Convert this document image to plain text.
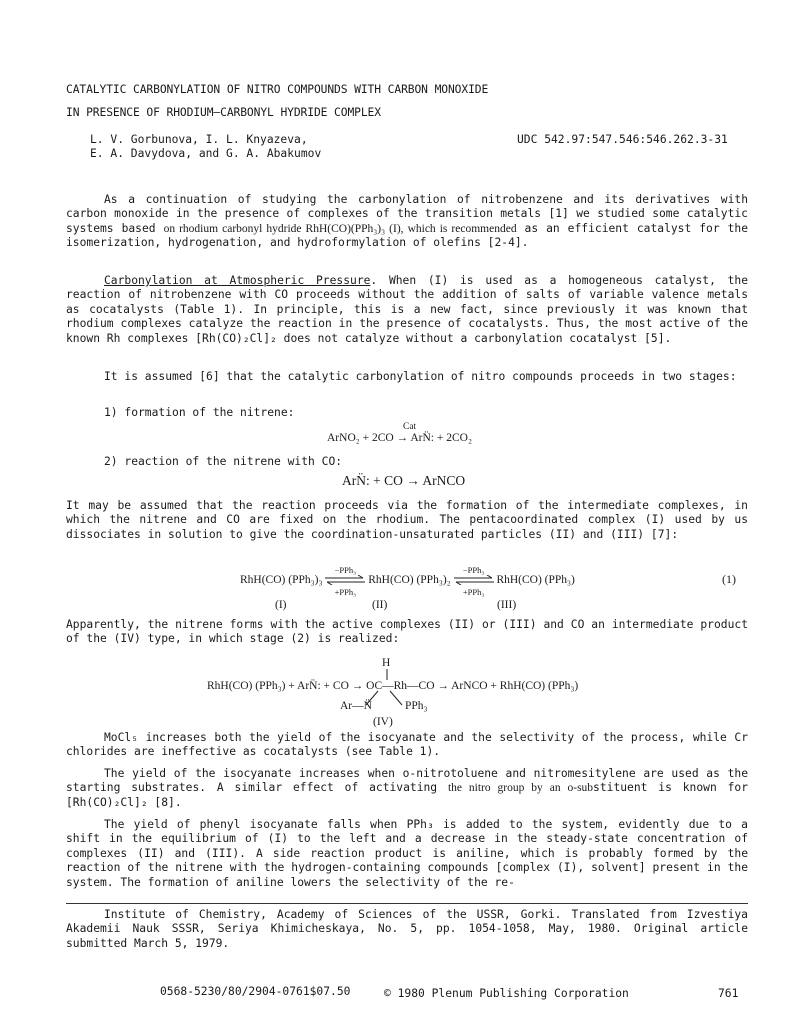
CATALYTIC CARBONYLATION OF NITRO COMPOUNDS WITH CARBON MONOXIDE
IN PRESENCE OF RHODIUM—CARBONYL HYDRIDE COMPLEX
L. V. Gorbunova, I. L. Knyazeva,
E. A. Davydova, and G. A. Abakumov
UDC 542.97:547.546:546.262.3-31
As a continuation of studying the carbonylation of nitrobenzene and its derivatives with carbon monoxide in the presence of complexes of the transition metals [1] we studied some catalytic systems based on rhodium carbonyl hydride RhH(CO)(PPh₃)₃ (I), which is recommended as an efficient catalyst for the isomerization, hydrogenation, and hydroformylation of olefins [2-4].
Carbonylation at Atmospheric Pressure. When (I) is used as a homogeneous catalyst, the reaction of nitrobenzene with CO proceeds without the addition of salts of variable valence metals as cocatalysts (Table 1). In principle, this is a new fact, since previously it was known that rhodium complexes catalyze the reaction in the presence of cocatalysts. Thus, the most active of the known Rh complexes [Rh(CO)₂Cl]₂ does not catalyze without a carbonylation cocatalyst [5].
It is assumed [6] that the catalytic carbonylation of nitro compounds proceeds in two stages:
1) formation of the nitrene:
Cat
ArNO₂ + 2CO → ArN̈: + 2CO₂
2) reaction of the nitrene with CO:
ArN̈: + CO → ArNCO
It may be assumed that the reaction proceeds via the formation of the intermediate complexes, in which the nitrene and CO are fixed on the rhodium. The pentacoordinated complex (I) used by us dissociates in solution to give the coordination-unsaturated particles (II) and (III) [7]:
RhH(CO) (PPh₃)₃
−PPh₃
+PPh₃
RhH(CO) (PPh₃)₂
−PPh₃
+PPh₃
RhH(CO) (PPh₃)	(1)
(I)	(II)	(III)
Apparently, the nitrene forms with the active complexes (II) or (III) and CO an intermediate product of the (IV) type, in which stage (2) is realized:
H
RhH(CO) (PPh₃) + ArN̈: + CO → OC—Rh—CO → ArNCO + RhH(CO) (PPh₃)
Ar—N̈	PPh₃
(IV)
MoCl₅ increases both the yield of the isocyanate and the selectivity of the process, while Cr chlorides are ineffective as cocatalysts (see Table 1).
The yield of the isocyanate increases when o-nitrotoluene and nitromesitylene are used as the starting substrates. A similar effect of activating the nitro group by an o-substituent is known for [Rh(CO)₂Cl]₂ [8].
The yield of phenyl isocyanate falls when PPh₃ is added to the system, evidently due to a shift in the equilibrium of (I) to the left and a decrease in the steady-state concentration of complexes (II) and (III). A side reaction product is aniline, which is probably formed by the reaction of the nitrene with the hydrogen-containing compounds [complex (I), solvent] present in the system. The formation of aniline lowers the selectivity of the re-
Institute of Chemistry, Academy of Sciences of the USSR, Gorki. Translated from Izvestiya Akademii Nauk SSSR, Seriya Khimicheskaya, No. 5, pp. 1054-1058, May, 1980. Original article submitted March 5, 1979.
0568-5230/80/2904-0761$07.50	© 1980 Plenum Publishing Corporation	761
